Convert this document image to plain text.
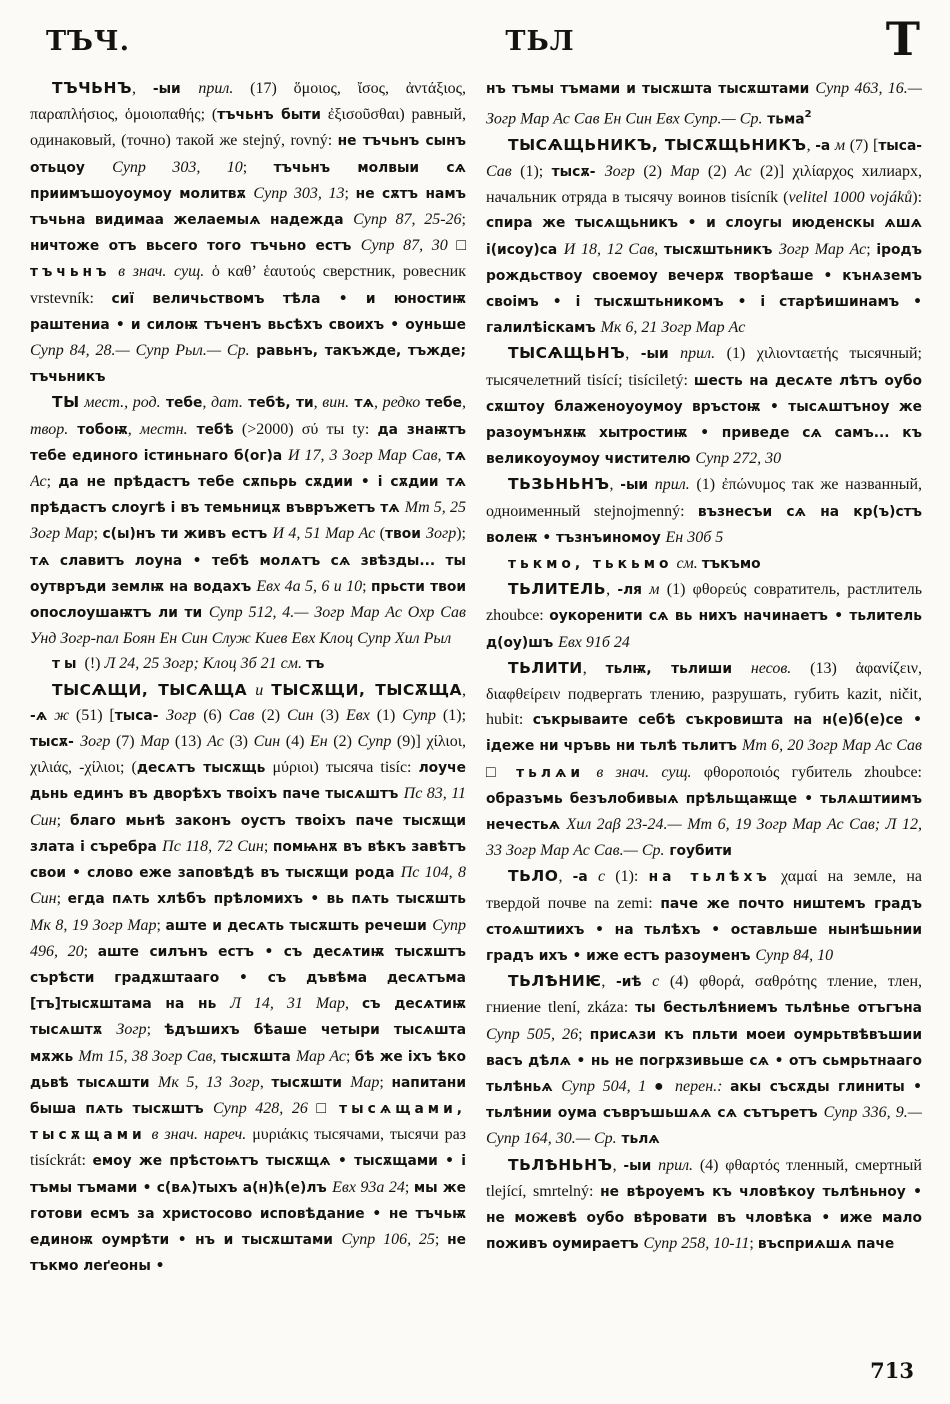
ТЪЧ.	ТЬЛ	Т

ТЪЧЬНЪ, -ыи прил. (17) ὅμοιος, ἴσος, ἀντάξιος, παραπλήσιος, ὁμοιοπαθής; (тъчьнъ быти ἐξισοῦσθαι) равный, одинаковый, (точно) такой же stejný, rovný: не тъчьнъ сынъ отьцоу Супр 303, 10; тъчьнъ молвыи сѧ приимъшоуоумоу молитвѫ Супр 303, 13; не сѫтъ намъ тъчьна видимаа желаемыѧ надежда Супр 87, 25-26; ничтоже отъ вьсего того тъчьно естъ Супр 87, 30 □ тъчьнъ в знач. сущ. ὁ καθ’ ἑαυτούς сверстник, ровесник vrstevník: сиї величьствомъ тѣла • и юностиѭ раштениа • и силоѭ тъченъ вьсѣхъ своихъ • оуньше Супр 84, 28.— Супр Рыл.— Ср. равьнъ, такъжде, тъжде; тъчьникъ

ТЫ мест., род. тебе, дат. тебѣ, ти, вин. тѧ, редко тебе, твор. тобоѭ, местн. тебѣ (>2000) σύ ты ty: да знаѭтъ тебе единого істиньнаго б(ог)а И 17, 3 Зогр Мар Сав, тѧ Ас; да не прѣдастъ тебе сѫпьрь сѫдии • і сѫдии тѧ прѣдастъ слоугѣ і въ темьницѫ въвръжетъ тѧ Мт 5, 25 Зогр Мар; с(ы)нъ ти живъ естъ И 4, 51 Мар Ас (твои Зогр); тѧ славитъ лоуна • тебѣ молѧтъ сѧ звѣзды... ты оутвръди землѭ на водахъ Евх 4а 5, 6 и 10; прьсти твои опослоушаѭтъ ли ти Супр 512, 4.— Зогр Мар Ас Охр Сав Унд Зогр-пал Боян Ен Син Служ Киев Евх Клоц Супр Хил Рыл

ты (!) Л 24, 25 Зогр; Клоц 3б 21 см. тъ

ТЫСѦЩИ, ТЫСѦЩА и ТЫСѪЩИ, ТЫСѪЩА, -ѧ ж (51) [тыса- Зогр (6) Сав (2) Син (3) Евх (1) Супр (1); тысѫ- Зогр (7) Мар (13) Ас (3) Син (4) Ен (2) Супр (9)] χίλιοι, χιλιάς, -χίλιοι; (десѧтъ тысѫщь μύριοι) тысяча tisíc: лоуче дьнь единъ въ дворѣхъ твоіхъ паче тысѧштъ Пс 83, 11 Син; благо мьнѣ законъ оустъ твоіхъ паче тысѫщи злата і съребра Пс 118, 72 Син; помѩнѫ въ вѣкъ завѣтъ свои • слово еже заповѣдѣ въ тысѫщи рода Пс 104, 8 Син; егда пѧть хлѣбъ прѣломихъ • вь пѧть тысѫшть Мк 8, 19 Зогр Мар; аште и десѧть тысѫшть речеши Супр 496, 20; аште силънъ естъ • съ десѧтиѭ тысѫштъ сърѣсти градѫштааго • съ дъвѣма десѧтъма [тъ]тысѫштама на нь Л 14, 31 Мар, съ десѧтиѭ тысѧштѫ Зогр; ѣдъшихъ бѣаше четыри тысѧшта мѫжь Мт 15, 38 Зогр Сав, тысѫшта Мар Ас; бѣ же іхъ ѣко дьвѣ тысѧшти Мк 5, 13 Зогр, тысѫшти Мар; напитани быша пѧть тысѫштъ Супр 428, 26 □ тысѧщами, тысѫщами в знач. нареч. μυριάκις тысячами, тысячи раз tisíckrát: емоу же прѣстоѩтъ тысѫщѧ • тысѫщами • і тъмы тъмами • с(вѧ)тыхъ а(н)ћ(е)лъ Евх 93а 24; мы же готови есмъ за христосово исповѣдание • не тъчьѭ единоѭ оумрѣти • нъ и тысѫштами Супр 106, 25; не тъкмо леґеоны •

нъ тъмы тъмами и тысѫшта тысѫштами Супр 463, 16.— Зогр Мар Ас Сав Ен Син Евх Супр.— Ср. тьма$^2$

ТЫСѦЩЬНИКЪ, ТЫСѪЩЬНИКЪ, -а м (7) [тыса- Сав (1); тысѫ- Зогр (2) Мар (2) Ас (2)] χιλίαρχος хилиарх, начальник отряда в тысячу воинов tisícník (velitel 1000 vojáků): спира же тысѧщьникъ • и слоугы июденскы ѧшѧ і(исоу)са И 18, 12 Сав, тысѫштьникъ Зогр Мар Ас; іродъ рождьствоу своемоу вечерѫ творѣаше • кънѧземъ своімъ • і тысѫштьникомъ • і старѣишинамъ • галилѣіскамъ Мк 6, 21 Зогр Мар Ас

ТЫСѦЩЬНЪ, -ыи прил. (1) χιλιονταετής тысячный; тысячелетний tisící; tisíciletý: шесть на десѧте лѣтъ оубо сѫштоу блаженоуоумоу връстоѭ • тысѧштъноу же разоумънѫѭ хытростиѭ • приведе сѧ самъ... къ великоуоумоу чистителю Супр 272, 30

ТЬЗЬНЬНЪ, -ыи прил. (1) ἐπώνυμος так же названный, одноименный stejnojmenný: възнесъи сѧ на кр(ъ)стъ волеѭ • тъзнъиномоу Ен 30б 5

тькмо, тькьмо см. тъкъмо

ТЬЛИТЕЛЬ, -ля м (1) φθορεύς совратитель, растлитель zhoubce: оукоренити сѧ вь нихъ начинаетъ • тьлитель д(оу)шъ Евх 91б 24

ТЬЛИТИ, тьлѭ, тьлиши несов. (13) ἀφανίζειν, διαφθείρειν подвергать тлению, разрушать, губить kazit, ničit, hubit: съкрываите себѣ съкровишта на н(е)б(е)се • ідеже ни чръвь ни тьлѣ тьлитъ Мт 6, 20 Зогр Мар Ас Сав □ тьлѧи в знач. сущ. φθοροποιός губитель zhoubce: образъмь безълобивыѧ прѣльщаѭще • тьлѧштиимъ нечестьѧ Хил 2аβ 23-24.— Мт 6, 19 Зогр Мар Ас Сав; Л 12, 33 Зогр Мар Ас Сав.— Ср. гоубити

ТЬЛО, -а с (1): на тьлѣхъ χαμαί на земле, на твердой почве na zemi: паче же почто ништемъ градъ стоѧштиихъ • на тьлѣхъ • оставльше нынѣшьнии градъ ихъ • иже естъ разоуменъ Супр 84, 10

ТЬЛѢНИѤ, -иѣ с (4) φθορά, σαθρότης тление, тлен, гниение tlení, zkáza: ты бестьлѣниемъ тьлѣнье отъгъна Супр 505, 26; присѧзи къ пльти моеи оумрьтвѣвъшии васъ дѣлѧ • нь не погрѫзивьше сѧ • отъ сьмрьтнааго тьлѣньѧ Супр 504, 1 ● перен.: акы съсѫды глиниты • тьлѣнии оума съвръшьшѧѧ сѧ сътъретъ Супр 336, 9.— Супр 164, 30.— Ср. тьлѧ

ТЬЛѢНЬНЪ, -ыи прил. (4) φθαρτός тленный, смертный tlející, smrtelný: не вѣроуемъ къ чловѣкоу тьлѣньноу • не можевѣ оубо вѣровати въ чловѣка • иже мало поживъ оумираетъ Супр 258, 10-11; въсприѧшѧ паче

713
